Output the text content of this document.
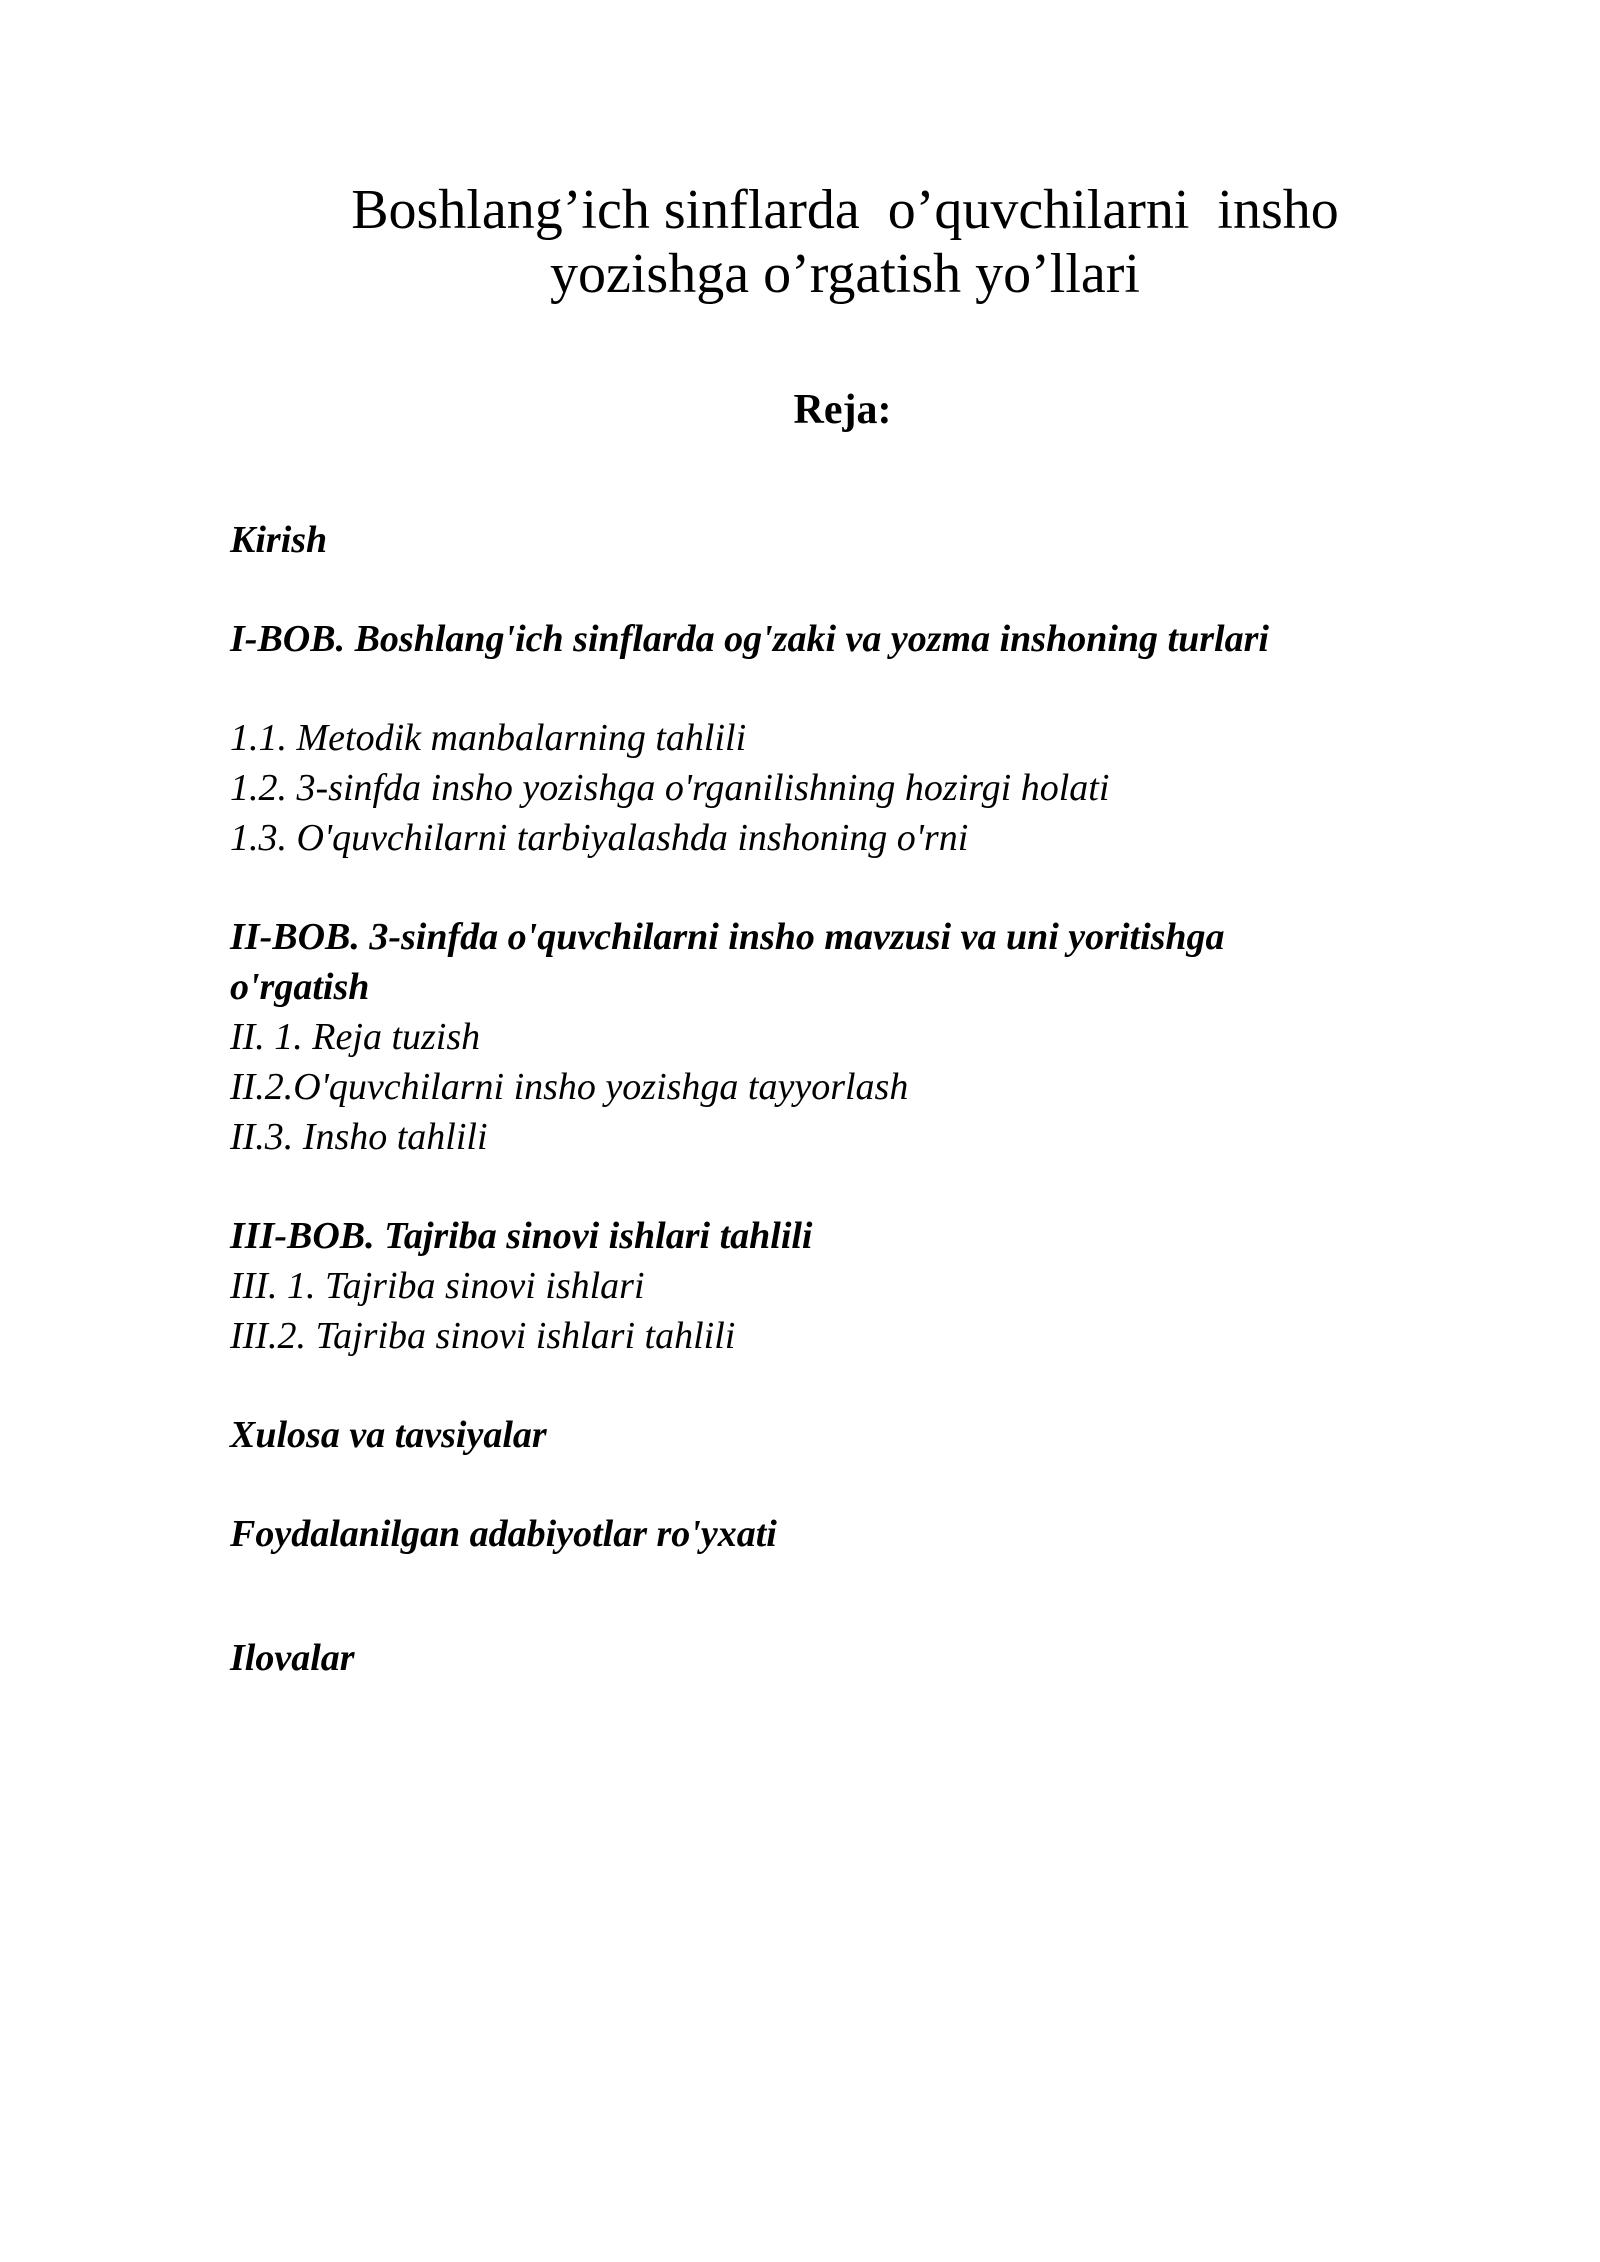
Boshlang’ich sinflarda  o’quvchilarni  insho
yozishga o’rgatish yo’llari
Reja:
Kirish
I-BOB. Boshlang'ich sinflarda og'zaki va yozma inshoning turlari
1.1. Metodik manbalarning tahlili
1.2. 3-sinfda insho yozishga o'rganilishning hozirgi holati
1.3. O'quvchilarni tarbiyalashda inshoning o'rni
II-BOB. 3-sinfda o'quvchilarni insho mavzusi va uni yoritishga
o'rgatish
II. 1. Reja tuzish
II.2.O'quvchilarni insho yozishga tayyorlash
II.3. Insho tahlili
III-BOB. Tajriba sinovi ishlari tahlili
III. 1. Tajriba sinovi ishlari
III.2. Tajriba sinovi ishlari tahlili
Xulosa va tavsiyalar
Foydalanilgan adabiyotlar ro'yxati
Ilovalar
